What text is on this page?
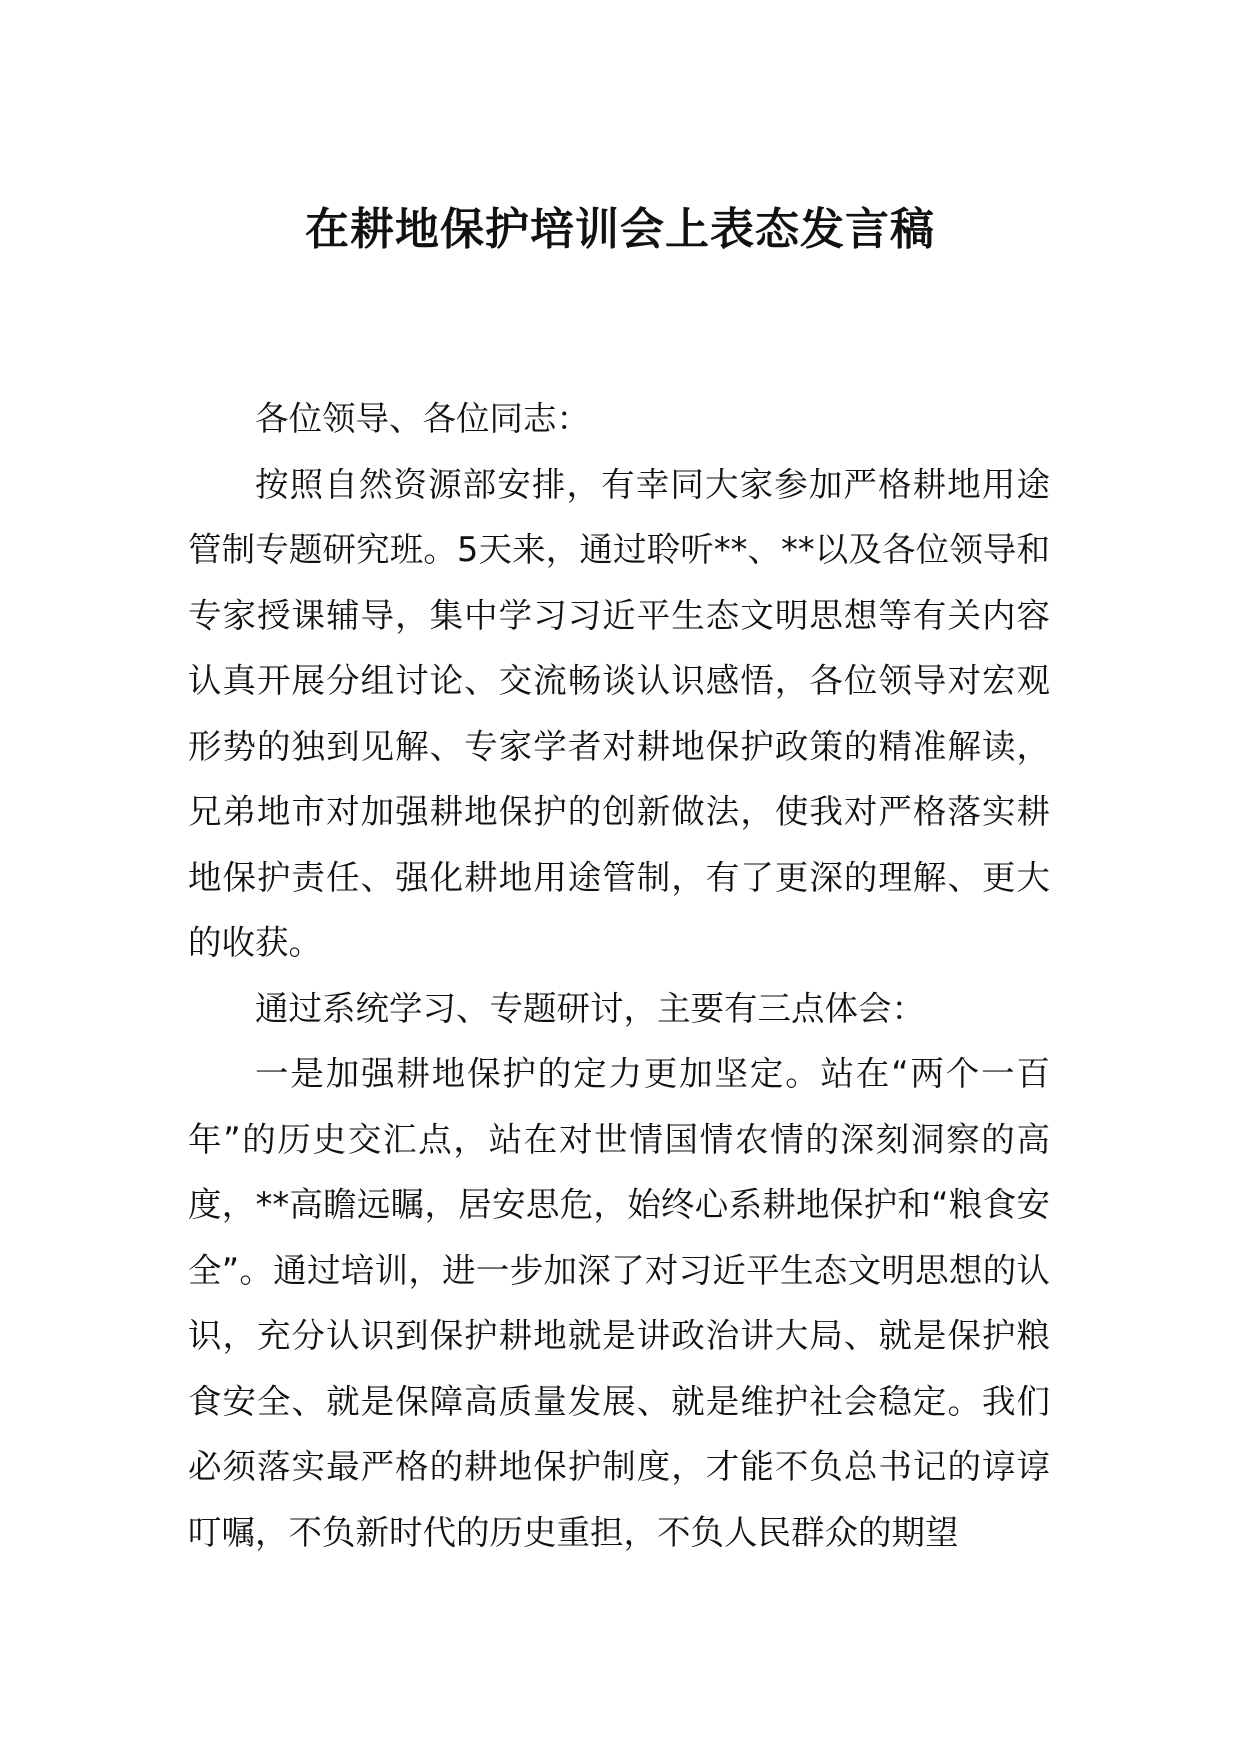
在耕地保护培训会上表态发言稿

各位领导、各位同志：

按照自然资源部安排，有幸同大家参加严格耕地用途管制专题研究班。5天来，通过聆听**、**以及各位领导和专家授课辅导，集中学习习近平生态文明思想等有关内容认真开展分组讨论、交流畅谈认识感悟，各位领导对宏观形势的独到见解、专家学者对耕地保护政策的精准解读，兄弟地市对加强耕地保护的创新做法，使我对严格落实耕地保护责任、强化耕地用途管制，有了更深的理解、更大的收获。

通过系统学习、专题研讨，主要有三点体会：

一是加强耕地保护的定力更加坚定。站在“两个一百年”的历史交汇点，站在对世情国情农情的深刻洞察的高度，**高瞻远瞩，居安思危，始终心系耕地保护和“粮食安全”。通过培训，进一步加深了对习近平生态文明思想的认识，充分认识到保护耕地就是讲政治讲大局、就是保护粮食安全、就是保障高质量发展、就是维护社会稳定。我们必须落实最严格的耕地保护制度，才能不负总书记的谆谆叮嘱，不负新时代的历史重担，不负人民群众的期望
